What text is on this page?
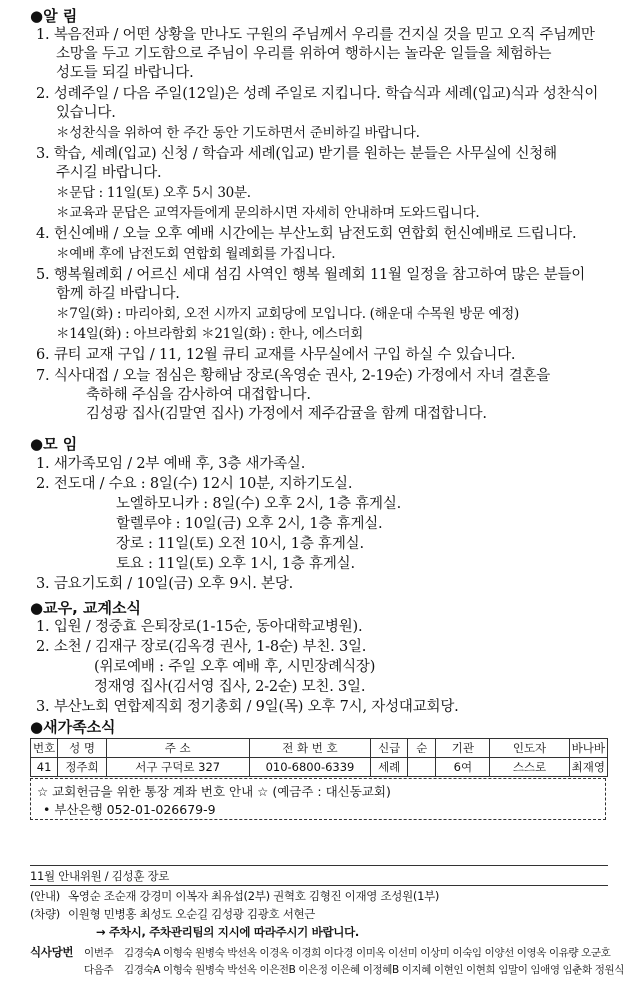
●알 림
1. 복음전파 / 어떤 상황을 만나도 구원의 주님께서 우리를 건지실 것을 믿고 오직 주님께만
소망을 두고 기도함으로 주님이 우리를 위하여 행하시는 놀라운 일들을 체험하는
성도들 되길 바랍니다.
2. 성례주일 / 다음 주일(12일)은 성례 주일로 지킵니다. 학습식과 세례(입교)식과 성찬식이
있습니다.
＊성찬식을 위하여 한 주간 동안 기도하면서 준비하길 바랍니다.
3. 학습, 세례(입교) 신청 / 학습과 세례(입교) 받기를 원하는 분들은 사무실에 신청해
주시길 바랍니다.
＊문답 : 11일(토) 오후 5시 30분.
＊교육과 문답은 교역자들에게 문의하시면 자세히 안내하며 도와드립니다.
4. 헌신예배 / 오늘 오후 예배 시간에는 부산노회 남전도회 연합회 헌신예배로 드립니다.
＊예배 후에 남전도회 연합회 월례회를 가집니다.
5. 행복월례회 / 어르신 세대 섬김 사역인 행복 월례회 11월 일정을 참고하여 많은 분들이
함께 하길 바랍니다.
＊7일(화) : 마리아회, 오전 시까지 교회당에 모입니다. (해운대 수목원 방문 예정)
＊14일(화) : 아브라함회 ＊21일(화) : 한나, 에스더회
6. 큐티 교재 구입 / 11, 12월 큐티 교재를 사무실에서 구입 하실 수 있습니다.
7. 식사대접 / 오늘 점심은 황해남 장로(옥영순 권사, 2-19순) 가정에서 자녀 결혼을
축하해 주심을 감사하여 대접합니다.
김성광 집사(김말연 집사) 가정에서 제주감귤을 함께 대접합니다.
●모 임
1. 새가족모임 / 2부 예배 후, 3층 새가족실.
2. 전도대 / 수요 : 8일(수) 12시 10분, 지하기도실.
노엘하모니카 : 8일(수) 오후 2시, 1층 휴게실.
할렐루야 : 10일(금) 오후 2시, 1층 휴게실.
장로 : 11일(토) 오전 10시, 1층 휴게실.
토요 : 11일(토) 오후 1시, 1층 휴게실.
3. 금요기도회 / 10일(금) 오후 9시. 본당.
●교우, 교계소식
1. 입원 / 정중효 은퇴장로(1-15순, 동아대학교병원).
2. 소천 / 김재구 장로(김옥경 권사, 1-8순) 부친. 3일.
(위로예배 : 주일 오후 예배 후, 시민장례식장)
정재영 집사(김서영 집사, 2-2순) 모친. 3일.
3. 부산노회 연합제직회 정기총회 / 9일(목) 오후 7시, 자성대교회당.
●새가족소식
번호	성 명	주 소	전 화 번 호	신급	순	기관	인도자	바나바
41	정주희	서구 구덕로 327	010-6800-6339	세례		6여	스스로	최재영
☆ 교회헌금을 위한 통장 계좌 번호 안내 ☆ (예금주 : 대신동교회)
• 부산은행 052-01-026679-9
11월 안내위원 / 김성훈 장로
(안내) 옥영순 조순재 강경미 이복자 최유섭(2부) 권혁호 김형진 이재영 조성원(1부)
(차량) 이원형 민병홍 최성도 오순길 김성광 김광호 서현근
→ 주차시, 주차관리팀의 지시에 따라주시기 바랍니다.
식사당번 이번주 김경숙A 이형숙 원병숙 박선옥 이경옥 이경희 이다경 이미옥 이선미 이상미 이숙임 이양선 이영옥 이유량 오군호
다음주 김경숙A 이형숙 원병숙 박선옥 이은전B 이은정 이은혜 이정혜B 이지혜 이현인 이현희 임말이 임애영 임춘화 정원식
